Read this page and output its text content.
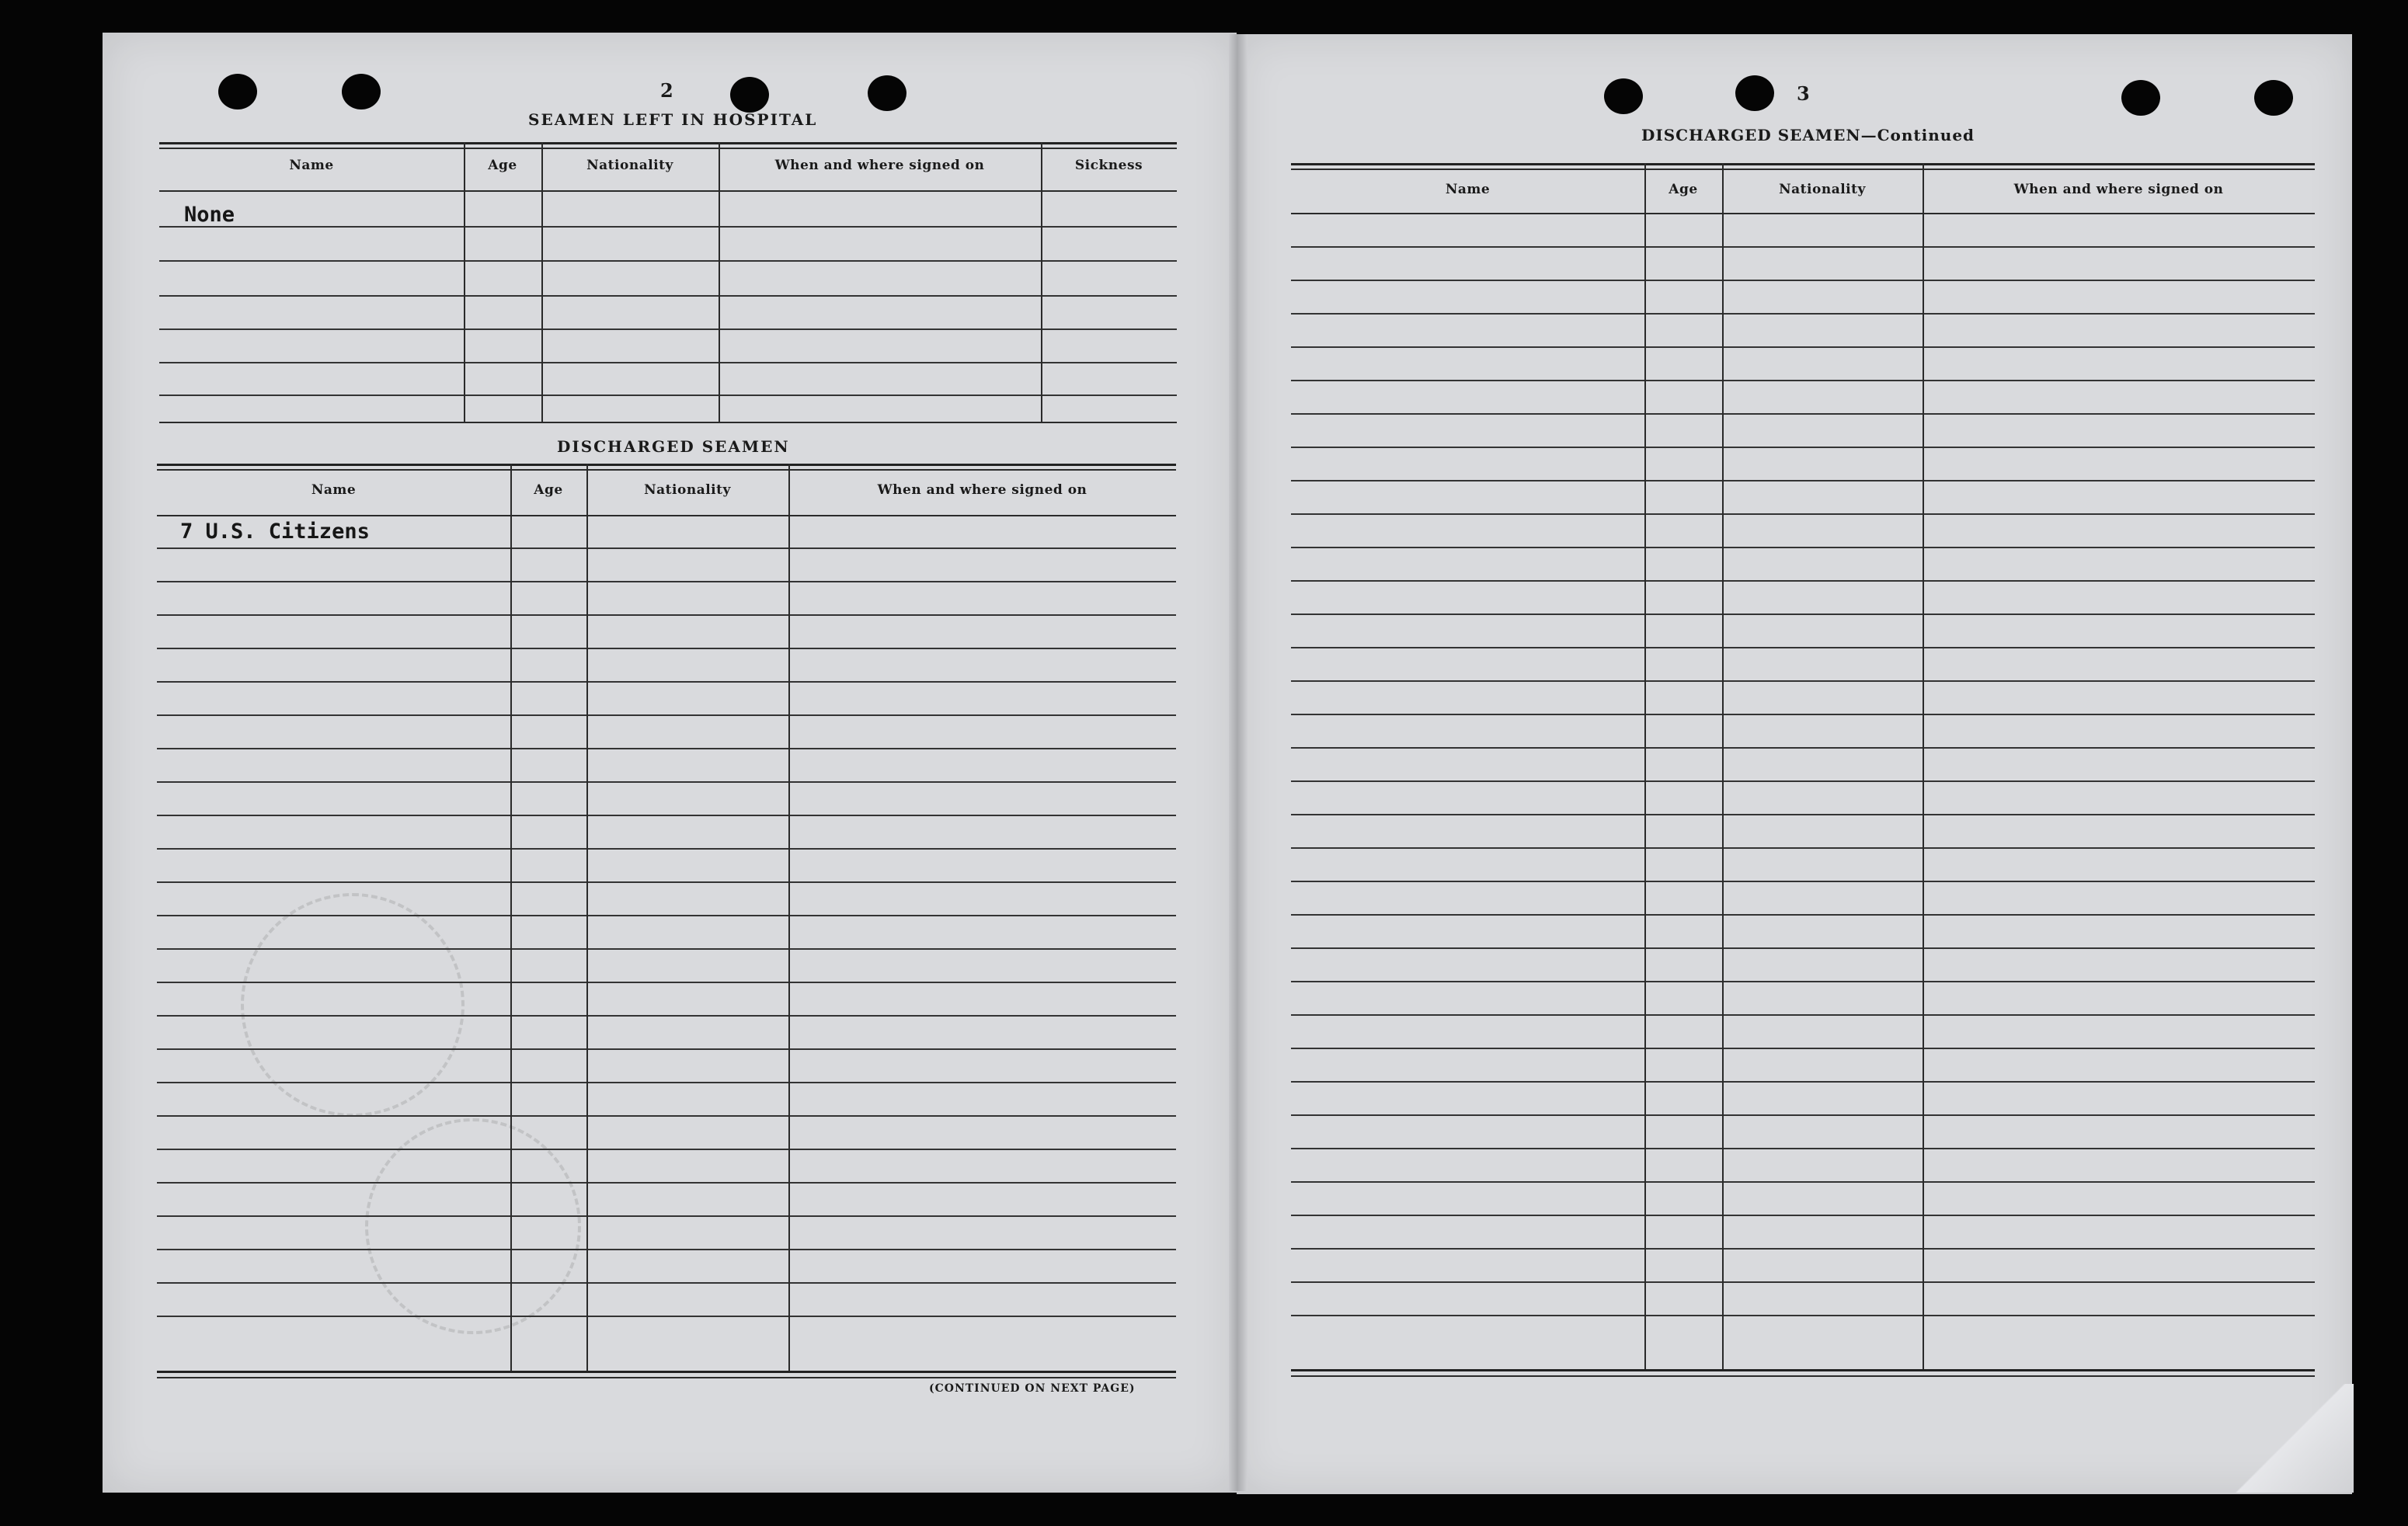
2
SEAMEN LEFT IN HOSPITAL
Name	Age	Nationality	When and where signed on	Sickness
None
DISCHARGED SEAMEN
Name	Age	Nationality	When and where signed on
7 U.S. Citizens
(CONTINUED ON NEXT PAGE)
3
DISCHARGED SEAMEN—Continued
Name	Age	Nationality	When and where signed on
